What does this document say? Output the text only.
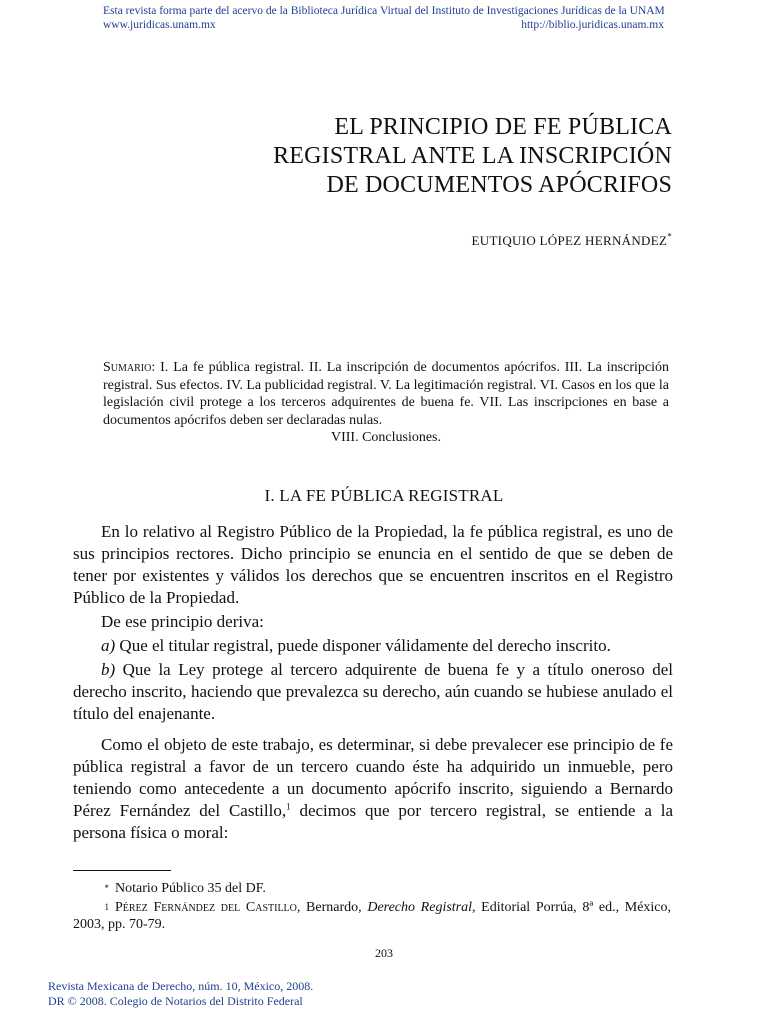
Esta revista forma parte del acervo de la Biblioteca Jurídica Virtual del Instituto de Investigaciones Jurídicas de la UNAM
www.juridicas.unam.mx	http://biblio.juridicas.unam.mx
EL PRINCIPIO DE FE PÚBLICA
REGISTRAL ANTE LA INSCRIPCIÓN
DE DOCUMENTOS APÓCRIFOS
EUTIQUIO LÓPEZ HERNÁNDEZ*
Sumario: I. La fe pública registral. II. La inscripción de documentos apócrifos. III. La inscripción registral. Sus efectos. IV. La publicidad registral. V. La legitimación registral. VI. Casos en los que la legislación civil protege a los terceros adquirentes de buena fe. VII. Las inscripciones en base a documentos apócrifos deben ser declaradas nulas.
VIII. Conclusiones.
I. LA FE PÚBLICA REGISTRAL

En lo relativo al Registro Público de la Propiedad, la fe pública registral, es uno de sus principios rectores. Dicho principio se enuncia en el sentido de que se deben de tener por existentes y válidos los derechos que se encuentren inscritos en el Registro Público de la Propiedad.

De ese principio deriva:

a) Que el titular registral, puede disponer válidamente del derecho inscrito.

b) Que la Ley protege al tercero adquirente de buena fe y a título oneroso del derecho inscrito, haciendo que prevalezca su derecho, aún cuando se hubiese anulado el título del enajenante.

Como el objeto de este trabajo, es determinar, si debe prevalecer ese principio de fe pública registral a favor de un tercero cuando éste ha adquirido un inmueble, pero teniendo como antecedente a un documento apócrifo inscrito, siguiendo a Bernardo Pérez Fernández del Castillo,$^1$ decimos que por tercero registral, se entiende a la persona física o moral:

* Notario Público 35 del DF.
1 Pérez Fernández del Castillo, Bernardo, Derecho Registral, Editorial Porrúa, 8ª ed., México, 2003, pp. 70-79.
203
Revista Mexicana de Derecho, núm. 10, México, 2008.
DR © 2008. Colegio de Notarios del Distrito Federal
